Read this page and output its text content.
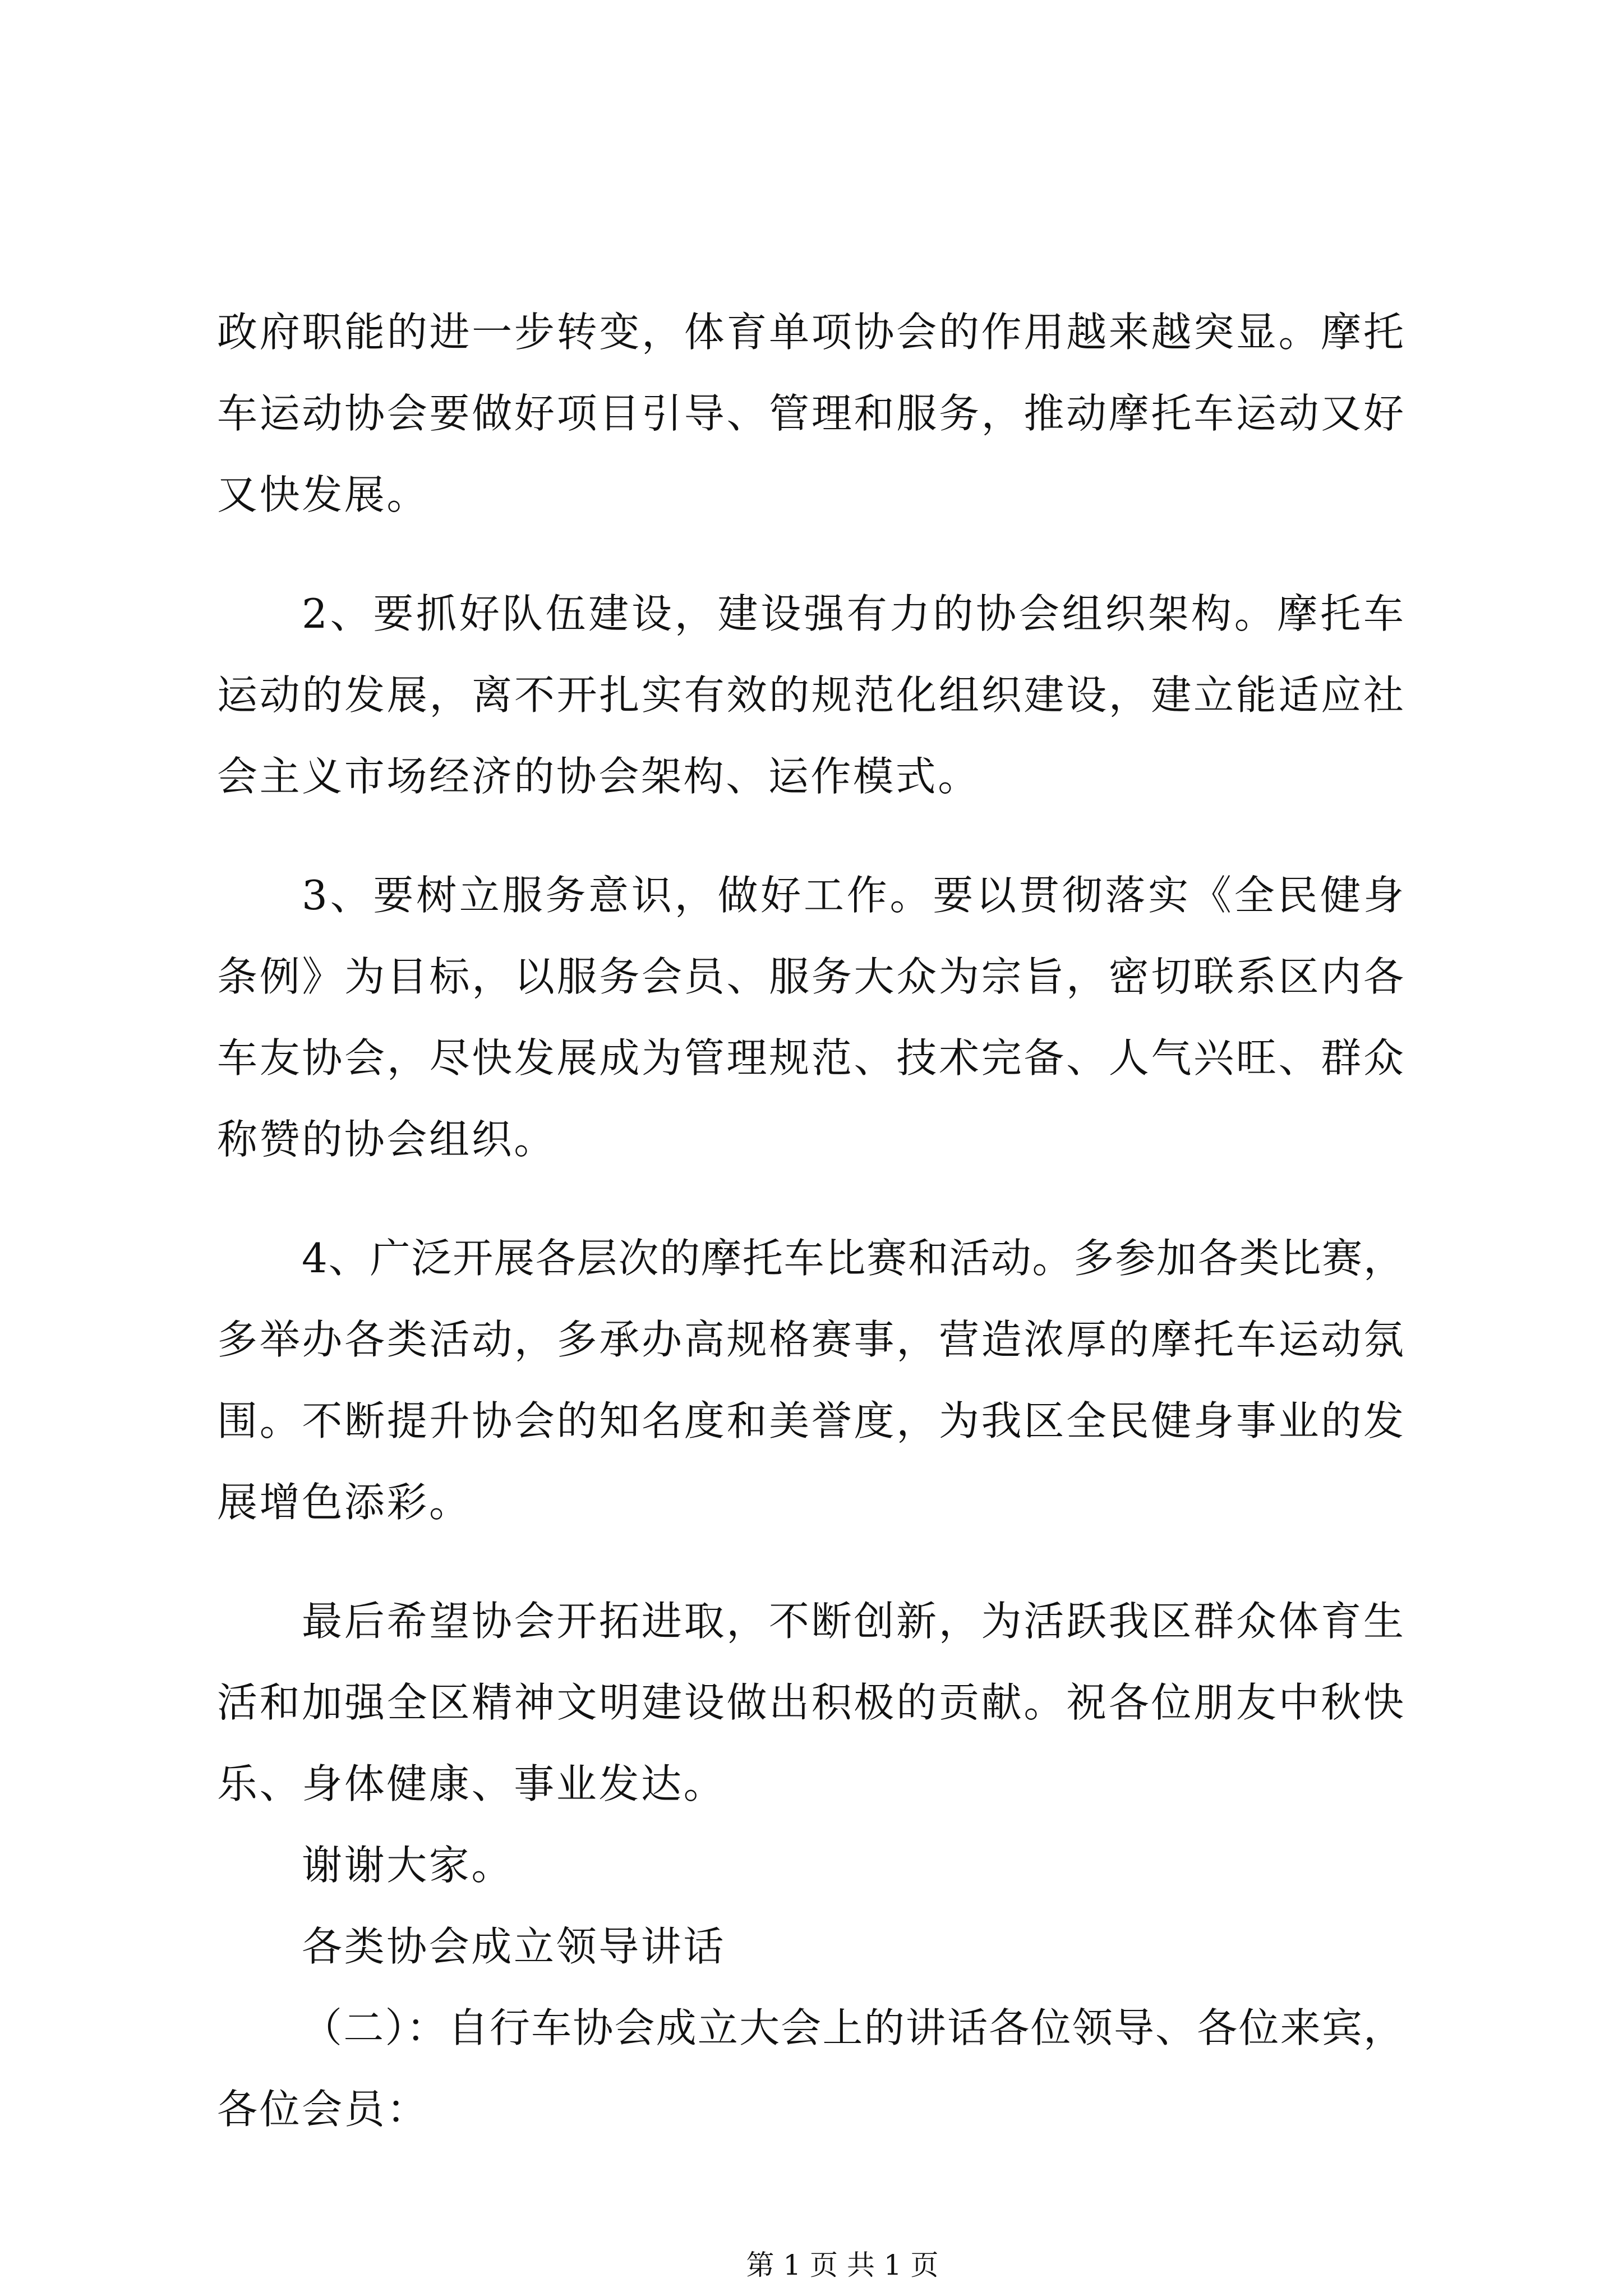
政府职能的进一步转变，体育单项协会的作用越来越突显。摩托
车运动协会要做好项目引导、管理和服务，推动摩托车运动又好
又快发展。
2、要抓好队伍建设，建设强有力的协会组织架构。摩托车
运动的发展，离不开扎实有效的规范化组织建设，建立能适应社
会主义市场经济的协会架构、运作模式。
3、要树立服务意识，做好工作。要以贯彻落实《全民健身
条例》为目标，以服务会员、服务大众为宗旨，密切联系区内各
车友协会，尽快发展成为管理规范、技术完备、人气兴旺、群众
称赞的协会组织。
4、广泛开展各层次的摩托车比赛和活动。多参加各类比赛，
多举办各类活动，多承办高规格赛事，营造浓厚的摩托车运动氛
围。不断提升协会的知名度和美誉度，为我区全民健身事业的发
展增色添彩。
最后希望协会开拓进取，不断创新，为活跃我区群众体育生
活和加强全区精神文明建设做出积极的贡献。祝各位朋友中秋快
乐、身体健康、事业发达。
谢谢大家。
各类协会成立领导讲话
（二）：自行车协会成立大会上的讲话各位领导、各位来宾，
各位会员：
第 1 页 共 1 页
